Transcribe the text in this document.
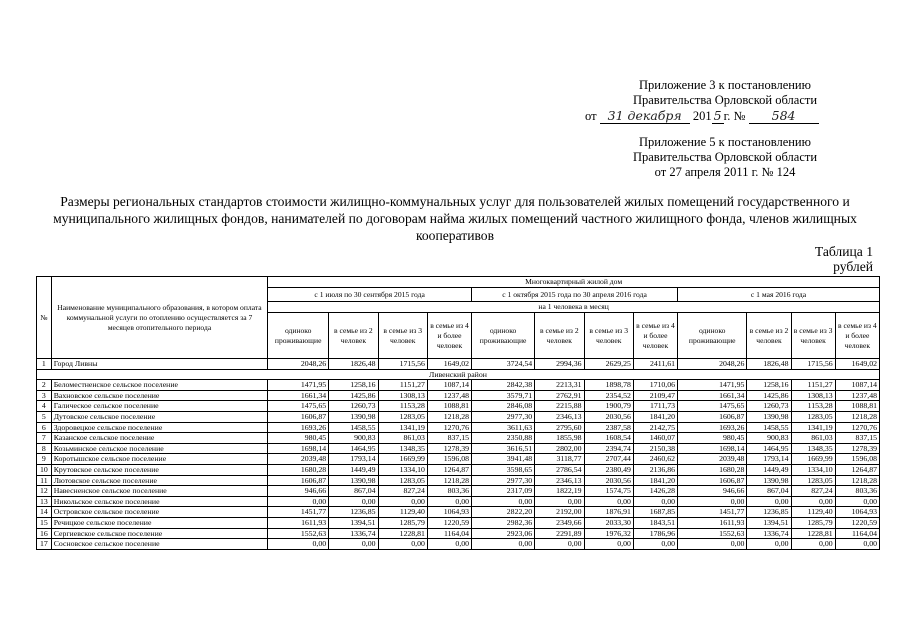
Приложение 3 к постановлению
Правительства Орловской области
от 31 декабря 201 5 г. № 584
Приложение 5 к постановлению
Правительства Орловской области
от 27 апреля 2011 г. № 124
Размеры региональных стандартов стоимости жилищно-коммунальных услуг для пользователей жилых помещений государственного и муниципального жилищных фондов, нанимателей по договорам найма жилых помещений частного жилищного фонда, членов жилищных кооперативов
Таблица 1
рублей
№	Наименование муниципального образования, в котором оплата коммунальной услуги по отоплению осуществляется за 7 месяцев отопительного периода	Многоквартирный жилой дом											
		с 1 июля по 30 сентября 2015 года				с 1 октября 2015 года по 30 апреля 2016 года				с 1 мая 2016 года			
		на 1 человека в месяц											
		одиноко проживающие	в семье из 2 человек	в семье из 3 человек	в семье из 4 и более человек	одиноко проживающие	в семье из 2 человек	в семье из 3 человек	в семье из 4 и более человек	одиноко проживающие	в семье из 2 человек	в семье из 3 человек	в семье из 4 и более человек
1	Город Ливны	2048,26	1826,48	1715,56	1649,02	3724,54	2994,36	2629,25	2411,61	2048,26	1826,48	1715,56	1649,02
Ливенский район													
2	Беломестненское сельское поселение	1471,95	1258,16	1151,27	1087,14	2842,38	2213,31	1898,78	1710,06	1471,95	1258,16	1151,27	1087,14
3	Вахновское сельское поселение	1661,34	1425,86	1308,13	1237,48	3579,71	2762,91	2354,52	2109,47	1661,34	1425,86	1308,13	1237,48
4	Галическое сельское поселение	1475,65	1260,73	1153,28	1088,81	2846,08	2215,88	1900,79	1711,73	1475,65	1260,73	1153,28	1088,81
5	Дутовское сельское поселение	1606,87	1390,98	1283,05	1218,28	2977,30	2346,13	2030,56	1841,20	1606,87	1390,98	1283,05	1218,28
6	Здоровецкое сельское поселение	1693,26	1458,55	1341,19	1270,76	3611,63	2795,60	2387,58	2142,75	1693,26	1458,55	1341,19	1270,76
7	Казанское сельское поселение	980,45	900,83	861,03	837,15	2350,88	1855,98	1608,54	1460,07	980,45	900,83	861,03	837,15
8	Козьминское сельское поселение	1698,14	1464,95	1348,35	1278,39	3616,51	2802,00	2394,74	2150,38	1698,14	1464,95	1348,35	1278,39
9	Коротышское сельское поселение	2039,48	1793,14	1669,99	1596,08	3941,48	3118,77	2707,44	2460,62	2039,48	1793,14	1669,99	1596,08
10	Крутовское сельское поселение	1680,28	1449,49	1334,10	1264,87	3598,65	2786,54	2380,49	2136,86	1680,28	1449,49	1334,10	1264,87
11	Лютовское сельское поселение	1606,87	1390,98	1283,05	1218,28	2977,30	2346,13	2030,56	1841,20	1606,87	1390,98	1283,05	1218,28
12	Навесненское сельское поселение	946,66	867,04	827,24	803,36	2317,09	1822,19	1574,75	1426,28	946,66	867,04	827,24	803,36
13	Никольское сельское поселение	0,00	0,00	0,00	0,00	0,00	0,00	0,00	0,00	0,00	0,00	0,00	0,00
14	Островское сельское поселение	1451,77	1236,85	1129,40	1064,93	2822,20	2192,00	1876,91	1687,85	1451,77	1236,85	1129,40	1064,93
15	Речицкое сельское поселение	1611,93	1394,51	1285,79	1220,59	2982,36	2349,66	2033,30	1843,51	1611,93	1394,51	1285,79	1220,59
16	Сергиевское сельское поселение	1552,63	1336,74	1228,81	1164,04	2923,06	2291,89	1976,32	1786,96	1552,63	1336,74	1228,81	1164,04
17	Сосновское сельское поселение	0,00	0,00	0,00	0,00	0,00	0,00	0,00	0,00	0,00	0,00	0,00	0,00
